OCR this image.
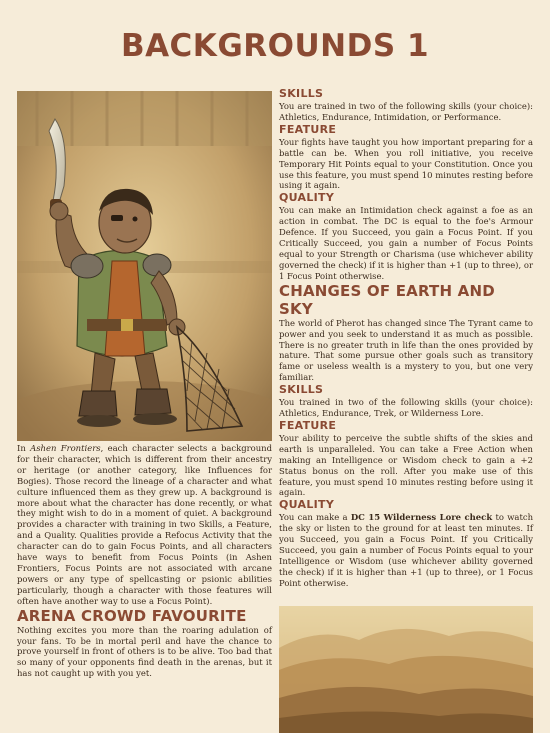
BACKGROUNDS 1

In Ashen Frontiers, each character selects a background for their character, which is different from their ancestry or heritage (or another category, like Influences for Bogies). Those record the lineage of a character and what culture influenced them as they grew up. A background is more about what the character has done recently, or what they might wish to do in a moment of quiet. A background provides a character with training in two Skills, a Feature, and a Quality. Qualities provide a Refocus Activity that the character can do to gain Focus Points, and all characters have ways to benefit from Focus Points (in Ashen Frontiers, Focus Points are not associated with arcane powers or any type of spellcasting or psionic abilities particularly, though a character with those features will often have another way to use a Focus Point).

ARENA CROWD FAVOURITE

Nothing excites you more than the roaring adulation of your fans. To be in mortal peril and have the chance to prove yourself in front of others is to be alive. Too bad that so many of your opponents find death in the arenas, but it has not caught up with you yet.

SKILLS

You are trained in two of the following skills (your choice): Athletics, Endurance, Intimidation, or Performance.

FEATURE

Your fights have taught you how important preparing for a battle can be. When you roll initiative, you receive Temporary Hit Points equal to your Constitution. Once you use this feature, you must spend 10 minutes resting before using it again.

QUALITY

You can make an Intimidation check against a foe as an action in combat. The DC is equal to the foe's Armour Defence. If you Succeed, you gain a Focus Point. If you Critically Succeed, you gain a number of Focus Points equal to your Strength or Charisma (use whichever ability governed the check) if it is higher than +1 (up to three), or 1 Focus Point otherwise.

CHANGES OF EARTH AND SKY

The world of Pherot has changed since The Tyrant came to power and you seek to understand it as much as possible. There is no greater truth in life than the ones provided by nature. That some pursue other goals such as transitory fame or useless wealth is a mystery to you, but one very familiar.

SKILLS

You trained in two of the following skills (your choice): Athletics, Endurance, Trek, or Wilderness Lore.

FEATURE

Your ability to perceive the subtle shifts of the skies and earth is unparalleled. You can take a Free Action when making an Intelligence or Wisdom check to gain a +2 Status bonus on the roll. After you make use of this feature, you must spend 10 minutes resting before using it again.

QUALITY

You can make a DC 15 Wilderness Lore check to watch the sky or listen to the ground for at least ten minutes. If you Succeed, you gain a Focus Point. If you Critically Succeed, you gain a number of Focus Points equal to your Intelligence or Wisdom (use whichever ability governed the check) if it is higher than +1 (up to three), or 1 Focus Point otherwise.
